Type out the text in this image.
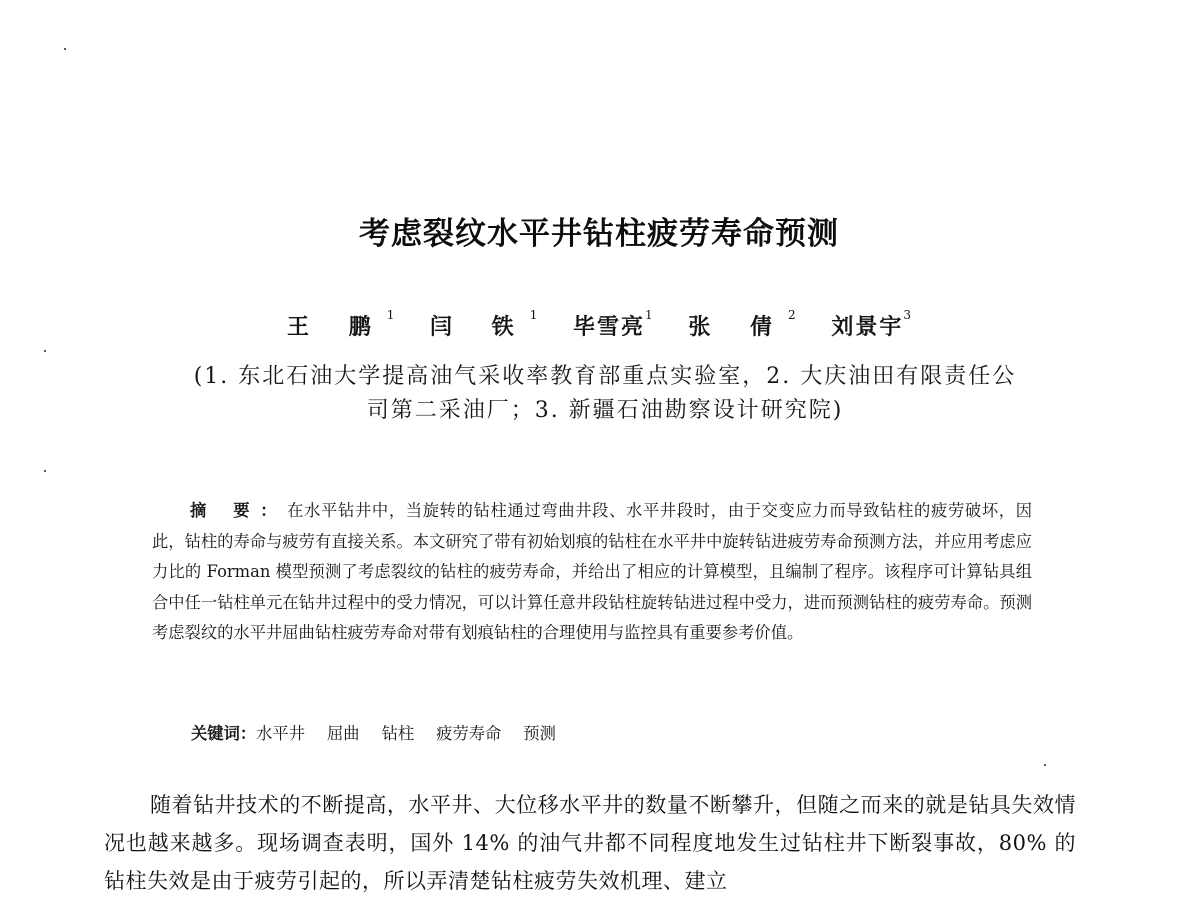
考虑裂纹水平井钻柱疲劳寿命预测
王 鹏$^1$ 闫 铁$^1$ 毕雪亮$^1$ 张 倩$^2$ 刘景宇$^3$
(1. 东北石油大学提高油气采收率教育部重点实验室，2. 大庆油田有限责任公
司第二采油厂；3. 新疆石油勘察设计研究院)
摘 要：在水平钻井中，当旋转的钻柱通过弯曲井段、水平井段时，由于交变应力而导致钻柱的疲劳破坏，因此，钻柱的寿命与疲劳有直接关系。本文研究了带有初始划痕的钻柱在水平井中旋转钻进疲劳寿命预测方法，并应用考虑应力比的 Forman 模型预测了考虑裂纹的钻柱的疲劳寿命，并给出了相应的计算模型，且编制了程序。该程序可计算钻具组合中任一钻柱单元在钻井过程中的受力情况，可以计算任意井段钻柱旋转钻进过程中受力，进而预测钻柱的疲劳寿命。预测考虑裂纹的水平井屈曲钻柱疲劳寿命对带有划痕钻柱的合理使用与监控具有重要参考价值。
关键词：水平井 屈曲 钻柱 疲劳寿命 预测
随着钻井技术的不断提高，水平井、大位移水平井的数量不断攀升，但随之而来的就是钻具失效情况也越来越多。现场调查表明，国外 14% 的油气井都不同程度地发生过钻柱井下断裂事故，80% 的钻柱失效是由于疲劳引起的，所以弄清楚钻柱疲劳失效机理、建立
